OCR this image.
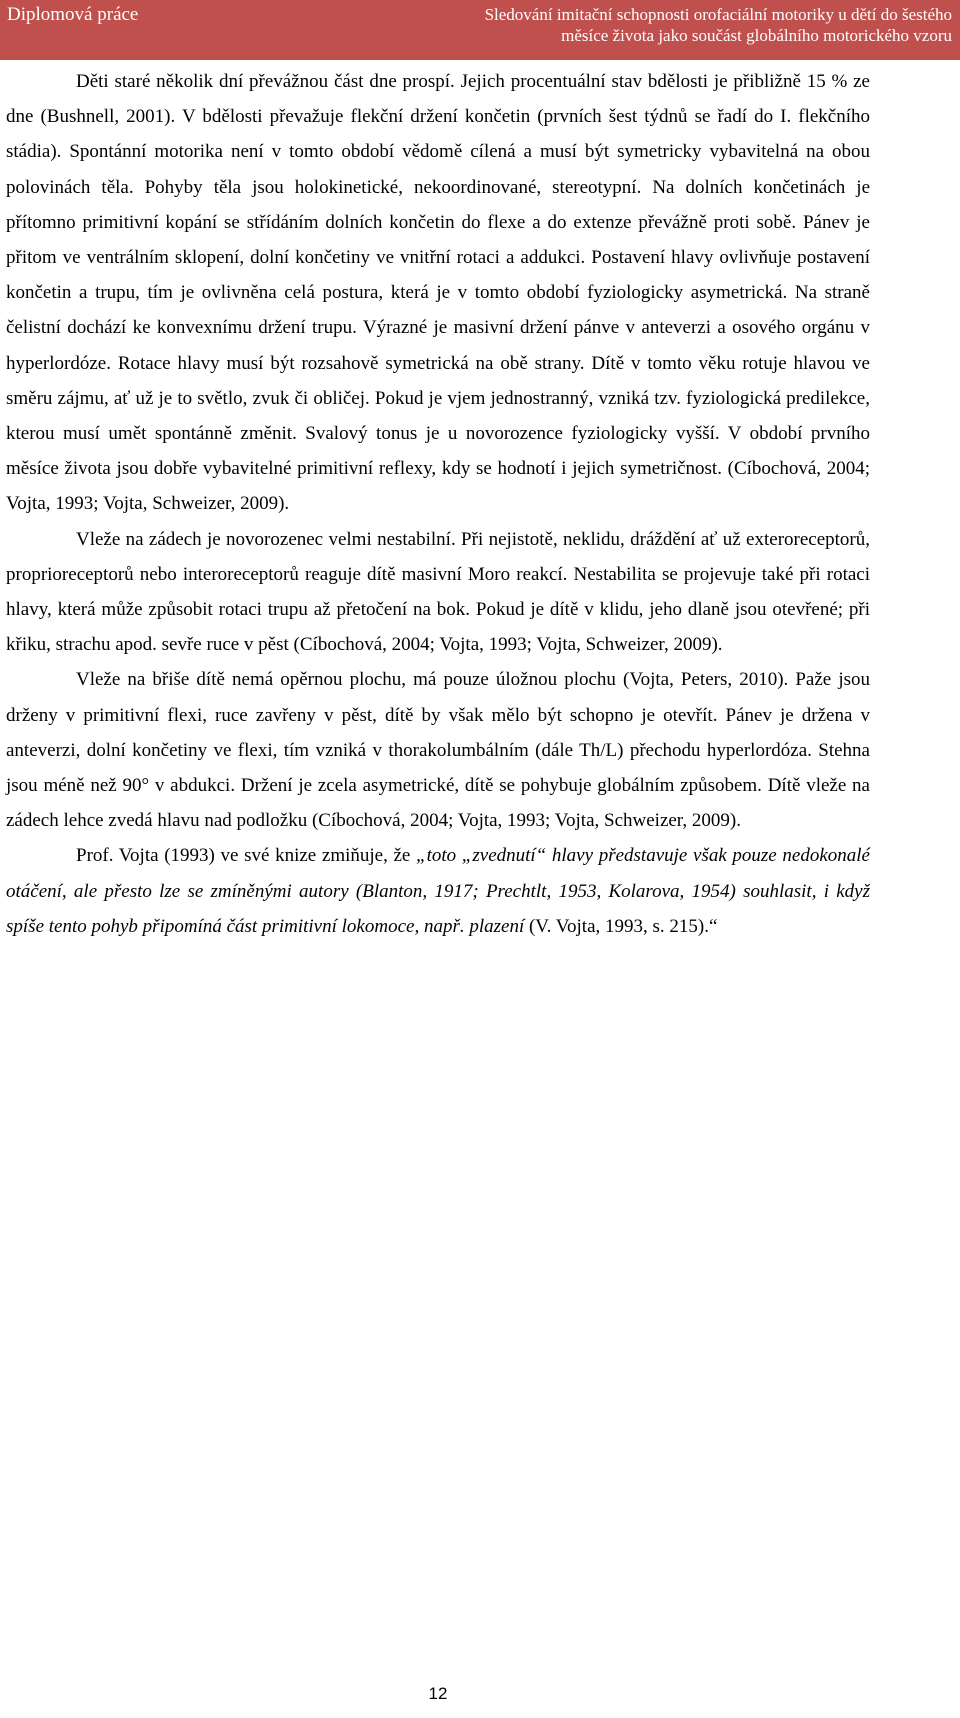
Diplomová práce	Sledování imitační schopnosti orofaciální motoriky u dětí do šestého
měsíce života jako součást globálního motorického vzoru

Děti staré několik dní převážnou část dne prospí. Jejich procentuální stav bdělosti je přibližně 15 % ze dne (Bushnell, 2001). V bdělosti převažuje flekční držení končetin (prvních šest týdnů se řadí do I. flekčního stádia). Spontánní motorika není v tomto období vědomě cílená a musí být symetricky vybavitelná na obou polovinách těla. Pohyby těla jsou holokinetické, nekoordinované, stereotypní. Na dolních končetinách je přítomno primitivní kopání se střídáním dolních končetin do flexe a do extenze převážně proti sobě. Pánev je přitom ve ventrálním sklopení, dolní končetiny ve vnitřní rotaci a addukci. Postavení hlavy ovlivňuje postavení končetin a trupu, tím je ovlivněna celá postura, která je v tomto období fyziologicky asymetrická. Na straně čelistní dochází ke konvexnímu držení trupu. Výrazné je masivní držení pánve v anteverzi a osového orgánu v hyperlordóze. Rotace hlavy musí být rozsahově symetrická na obě strany. Dítě v tomto věku rotuje hlavou ve směru zájmu, ať už je to světlo, zvuk či obličej. Pokud je vjem jednostranný, vzniká tzv. fyziologická predilekce, kterou musí umět spontánně změnit. Svalový tonus je u novorozence fyziologicky vyšší. V období prvního měsíce života jsou dobře vybavitelné primitivní reflexy, kdy se hodnotí i jejich symetričnost. (Cíbochová, 2004; Vojta, 1993; Vojta, Schweizer, 2009).

Vleže na zádech je novorozenec velmi nestabilní. Při nejistotě, neklidu, dráždění ať už exteroreceptorů, proprioreceptorů nebo interoreceptorů reaguje dítě masivní Moro reakcí. Nestabilita se projevuje také při rotaci hlavy, která může způsobit rotaci trupu až přetočení na bok. Pokud je dítě v klidu, jeho dlaně jsou otevřené; při křiku, strachu apod. sevře ruce v pěst (Cíbochová, 2004; Vojta, 1993; Vojta, Schweizer, 2009).

Vleže na břiše dítě nemá opěrnou plochu, má pouze úložnou plochu (Vojta, Peters, 2010). Paže jsou drženy v primitivní flexi, ruce zavřeny v pěst, dítě by však mělo být schopno je otevřít. Pánev je držena v anteverzi, dolní končetiny ve flexi, tím vzniká v thorakolumbálním (dále Th/L) přechodu hyperlordóza. Stehna jsou méně než 90° v abdukci. Držení je zcela asymetrické, dítě se pohybuje globálním způsobem. Dítě vleže na zádech lehce zvedá hlavu nad podložku (Cíbochová, 2004; Vojta, 1993; Vojta, Schweizer, 2009).

Prof. Vojta (1993) ve své knize zmiňuje, že „toto „zvednutí“ hlavy představuje však pouze nedokonalé otáčení, ale přesto lze se zmíněnými autory (Blanton, 1917; Prechtlt, 1953, Kolarova, 1954) souhlasit, i když spíše tento pohyb připomíná část primitivní lokomoce, např. plazení (V. Vojta, 1993, s. 215).“

12
